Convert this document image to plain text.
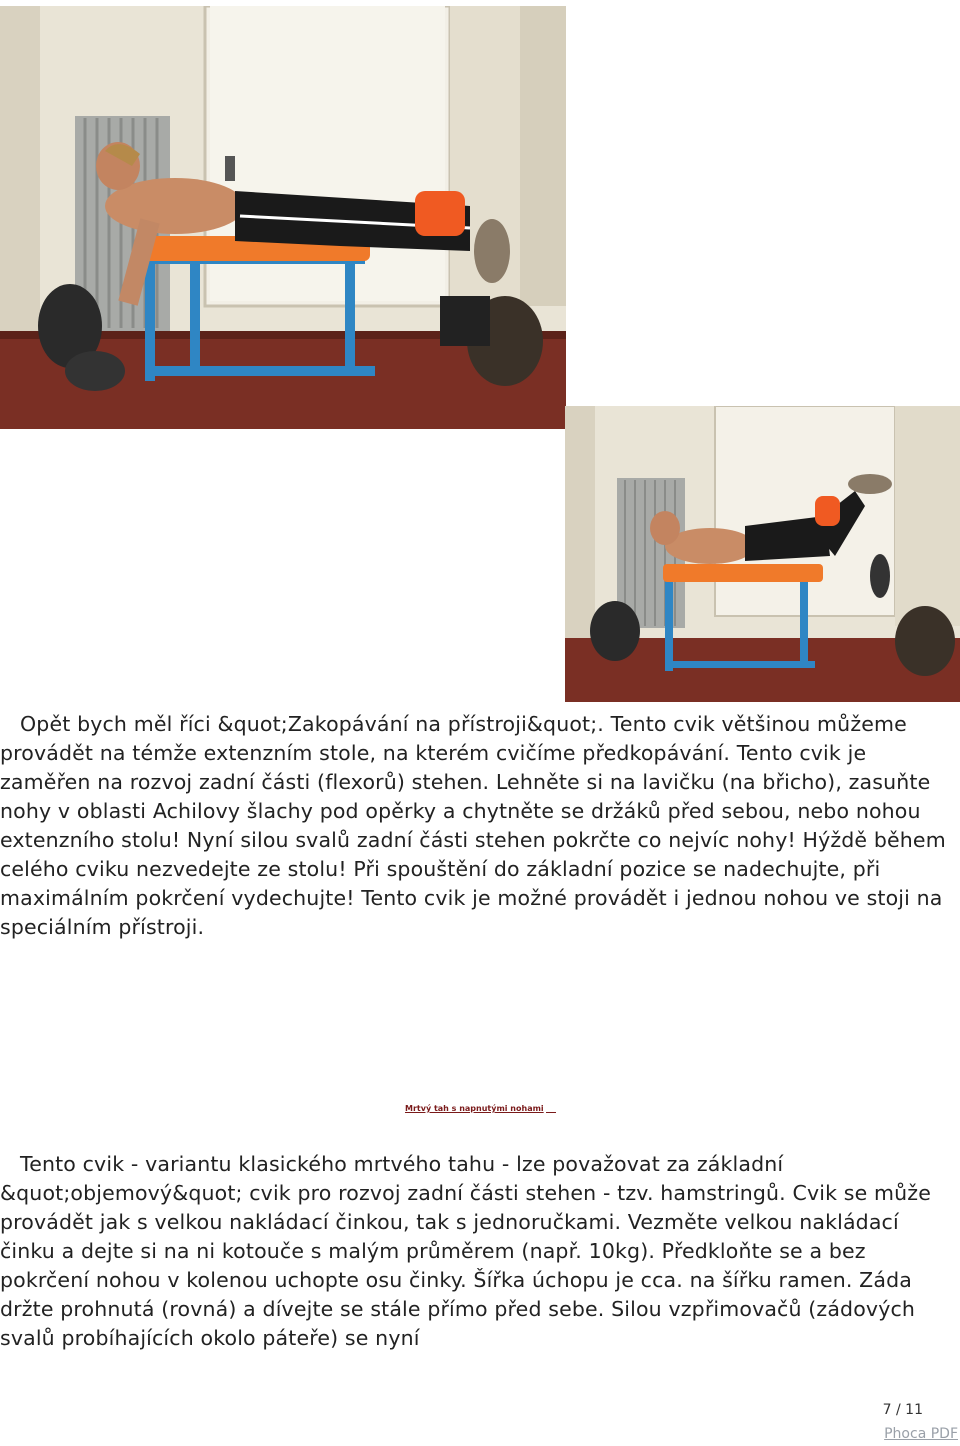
Opět bych měl říci &quot;Zakopávání na přístroji&quot;. Tento cvik většinou můžeme provádět na témže extenzním stole, na kterém cvičíme předkopávání. Tento cvik je zaměřen na rozvoj zadní části (flexorů) stehen. Lehněte si na lavičku (na břicho), zasuňte nohy v oblasti Achilovy šlachy pod opěrky a chytněte se držáků před sebou, nebo nohou extenzního stolu! Nyní silou svalů zadní části stehen pokrčte co nejvíc nohy! Hýždě během celého cviku nezvedejte ze stolu! Při spouštění do základní pozice se nadechujte, při maximálním pokrčení vydechujte! Tento cvik je možné provádět i jednou nohou ve stoji na speciálním přístroji.

Mrtvý tah s napnutými nohami

Tento cvik - variantu klasického mrtvého tahu - lze považovat za základní &quot;objemový&quot; cvik pro rozvoj zadní části stehen - tzv. hamstringů. Cvik se může provádět jak s velkou nakládací činkou, tak s jednoručkami. Vezměte velkou nakládací činku a dejte si na ni kotouče s malým průměrem (např. 10kg). Předkloňte se a bez pokrčení nohou v kolenou uchopte osu činky. Šířka úchopu je cca. na šířku ramen. Záda držte prohnutá (rovná) a dívejte se stále přímo před sebe. Silou vzpřimovačů (zádových svalů probíhajících okolo páteře) se nyní

7 / 11
Phoca PDF
